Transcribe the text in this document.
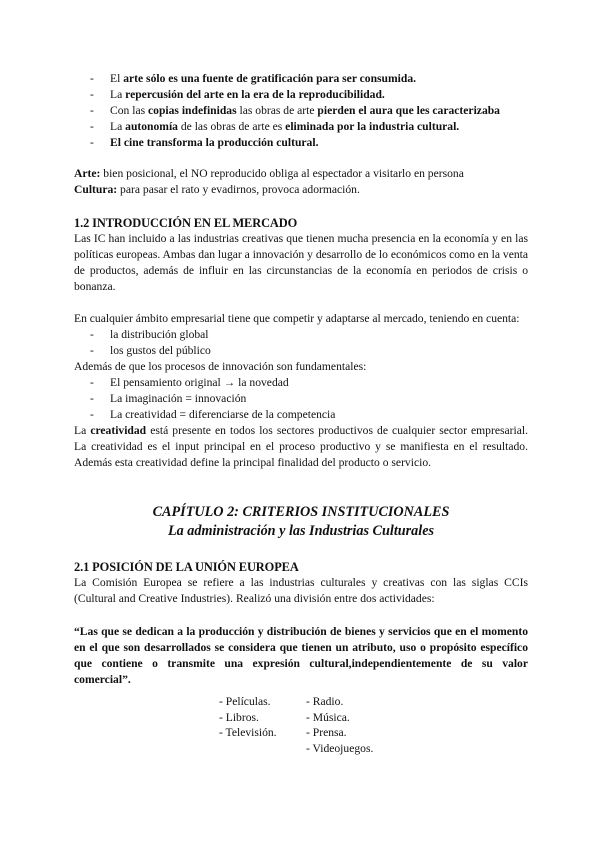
- El arte sólo es una fuente de gratificación para ser consumida.
- La repercusión del arte en la era de la reproducibilidad.
- Con las copias indefinidas las obras de arte pierden el aura que les caracterizaba
- La autonomía de las obras de arte es eliminada por la industria cultural.
- El cine transforma la producción cultural.

Arte: bien posicional, el NO reproducido obliga al espectador a visitarlo en persona

Cultura: para pasar el rato y evadirnos, provoca adormación.

1.2 INTRODUCCIÓN EN EL MERCADO

Las IC han incluido a las industrias creativas que tienen mucha presencia en la economía y en las políticas europeas. Ambas dan lugar a innovación y desarrollo de lo económicos como en la venta de productos, además de influir en las circunstancias de la economía en periodos de crisis o bonanza.

En cualquier ámbito empresarial tiene que competir y adaptarse al mercado, teniendo en cuenta:

- la distribución global
- los gustos del público

Además de que los procesos de innovación son fundamentales:

- El pensamiento original → la novedad
- La imaginación = innovación
- La creatividad = diferenciarse de la competencia

La creatividad está presente en todos los sectores productivos de cualquier sector empresarial. La creatividad es el input principal en el proceso productivo y se manifiesta en el resultado. Además esta creatividad define la principal finalidad del producto o servicio.

CAPÍTULO 2: CRITERIOS INSTITUCIONALES
La administración y las Industrias Culturales
2.1 POSICIÓN DE LA UNIÓN EUROPEA

La Comisión Europea se refiere a las industrias culturales y creativas con las siglas CCIs (Cultural and Creative Industries). Realizó una división entre dos actividades:

“Las que se dedican a la producción y distribución de bienes y servicios que en el momento en el que son desarrollados se considera que tienen un atributo, uso o propósito específico que contiene o transmite una expresión cultural,independientemente de su valor comercial”.

- Películas.
- Libros.
- Televisión.
- Radio.
- Música.
- Prensa.
- Videojuegos.
